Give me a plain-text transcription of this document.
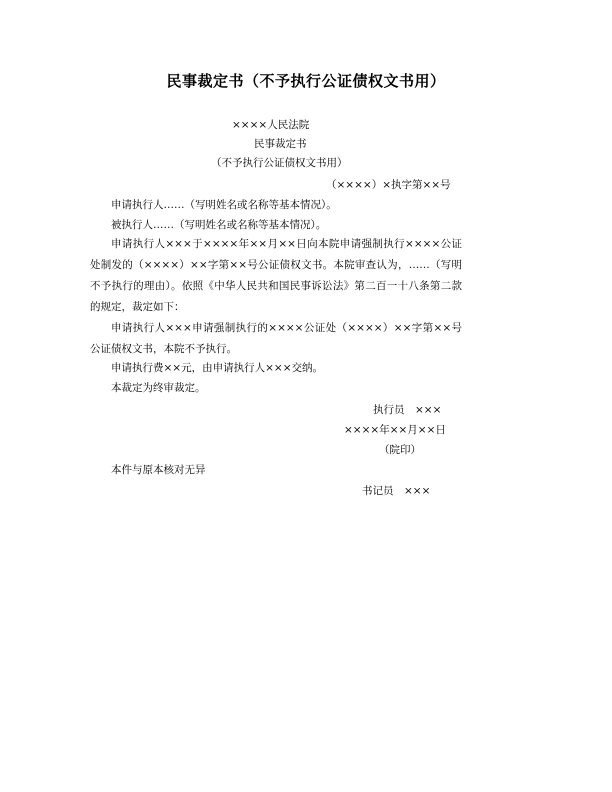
民事裁定书（不予执行公证债权文书用）
××××人民法院
民事裁定书
（不予执行公证债权文书用）
（××××）×执字第××号
申请执行人……（写明姓名或名称等基本情况）。
被执行人……（写明姓名或名称等基本情况）。
申请执行人×××于××××年××月××日向本院申请强制执行××××公证处制发的（××××）××字第××号公证债权文书。本院审查认为，……（写明不予执行的理由）。依照《中华人民共和国民事诉讼法》第二百一十八条第二款的规定，裁定如下：
申请执行人×××申请强制执行的××××公证处（××××）××字第××号公证债权文书，本院不予执行。
申请执行费××元，由申请执行人×××交纳。
本裁定为终审裁定。
执行员　×××
××××年××月××日
（院印）
本件与原本核对无异
书记员　×××
